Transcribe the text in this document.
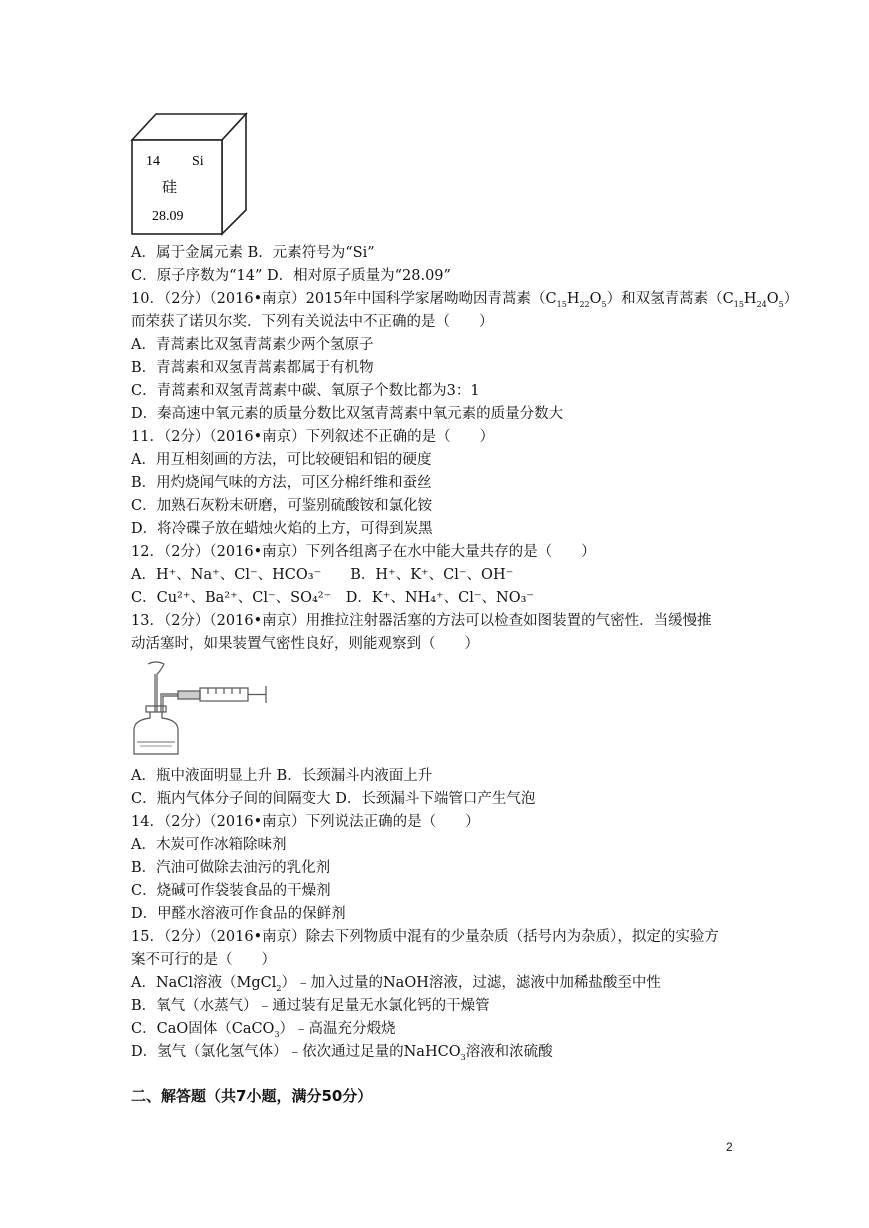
14 Si
硅
28.09
A．属于金属元素 B．元素符号为“Si”
C．原子序数为“14” D．相对原子质量为“28.09”
10．（2分）（2016•南京）2015年中国科学家屠呦呦因青蒿素$(C_{15}H_{22}O_5)$和双氢青蒿素$(C_{15}H_{24}O_5)$
而荣获了诺贝尔奖．下列有关说法中不正确的是（　　）
A．青蒿素比双氢青蒿素少两个氢原子
B．青蒿素和双氢青蒿素都属于有机物
C．青蒿素和双氢青蒿素中碳、氧原子个数比都为3：1
D．秦高速中氧元素的质量分数比双氢青蒿素中氧元素的质量分数大
11．（2分）（2016•南京）下列叙述不正确的是（　　）
A．用互相刻画的方法，可比较硬铝和铝的硬度
B．用灼烧闻气味的方法，可区分棉纤维和蚕丝
C．加熟石灰粉末研磨，可鉴别硫酸铵和氯化铵
D．将冷碟子放在蜡烛火焰的上方，可得到炭黑
12．（2分）（2016•南京）下列各组离子在水中能大量共存的是（　　）
A．H⁺、Na⁺、Cl⁻、HCO₃⁻　　 B．H⁺、K⁺、Cl⁻、OH⁻
C．Cu²⁺、Ba²⁺、Cl⁻、SO₄²⁻　 D．K⁺、NH₄⁺、Cl⁻、NO₃⁻
13．（2分）（2016•南京）用推拉注射器活塞的方法可以检查如图装置的气密性．当缓慢推
动活塞时，如果装置气密性良好，则能观察到（　　）
A．瓶中液面明显上升 B．长颈漏斗内液面上升
C．瓶内气体分子间的间隔变大 D．长颈漏斗下端管口产生气泡
14．（2分）（2016•南京）下列说法正确的是（　　）
A．木炭可作冰箱除味剂
B．汽油可做除去油污的乳化剂
C．烧碱可作袋装食品的干燥剂
D．甲醛水溶液可作食品的保鲜剂
15．（2分）（2016•南京）除去下列物质中混有的少量杂质（括号内为杂质），拟定的实验方
案不可行的是（　　）
A．NaCl溶液（MgCl$_2$）﹣加入过量的NaOH溶液，过滤，滤液中加稀盐酸至中性
B．氧气（水蒸气）﹣通过装有足量无水氯化钙的干燥管
C．CaO固体（CaCO$_3$）﹣高温充分煅烧
D．氢气（氯化氢气体）﹣依次通过足量的NaHCO$_3$溶液和浓硫酸
二、解答题（共7小题，满分50分）
2
